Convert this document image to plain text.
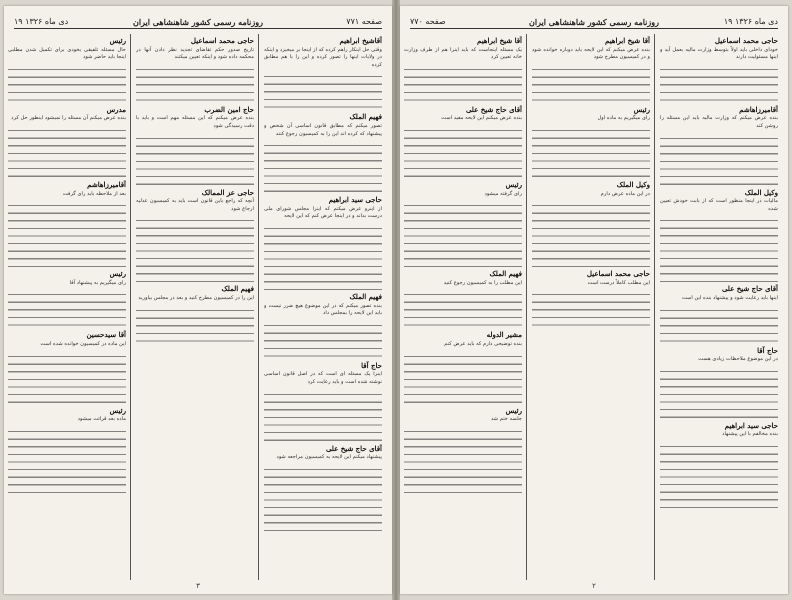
۱۹ دی ماه ۱۳۲۶	روزنامه رسمی کشور شاهنشاهی ایران	صفحه ۷۷۱
آقاشیخ ابراهیم

وقتی حل اینکار راهم کرده که از اینجا بر میخیزد و اینکه در ولایات اینها را تصور کرده و این را با هم مطابق کرده

فهیم الملک

تصور میکنم که مطابق قانون اساسی آن شخص و پیشنهاد که کرده اند این را به کمیسیون رجوع کنند

حاجی سید ابراهیم

از اینرو عرض میکنم که اینرا مجلس شورای ملی درست بداند و در اینجا عرض کنم که این لایحه

فهیم الملک

بنده تصور میکنم که در این موضوع هیچ ضرر نیست و باید این لایحه را بمجلس داد

حاج آقا

اینرا یک مسئله ای است که در اصل قانون اساسی نوشته شده است و باید رعایت کرد

آقای حاج شیخ علی

پیشنهاد میکنم این لایحه به کمیسیون مراجعه شود

حاجی محمد اسماعیل

تاریخ صدور حکم تقاضای تجدید نظر دادن آنها در محکمه داده شود و اینکه تعیین میکنند

حاج امین الضرب

بنده عرض میکنم که این مسئله مهم است و باید با دقت رسیدگی شود

حاجی عز الممالک

آنچه که راجع باین قانون است باید به کمیسیون عدلیه ارجاع شود

فهیم الملک

این را در کمیسیون مطرح کنید و بعد در مجلس بیاورید

رئیس

حال مسئله تلفیقی بخودی برای تکمیل شدن مطلبی اینجا باید حاضر شود

مدرس

بنده عرض میکنم آن مسئله را نمیشود اینطور حل کرد

آقامیرزاهاشم

بعد از ملاحظه باید رای گرفت

رئیس

رای میگیریم به پیشنهاد آقا

آقا سیدحسین

این ماده در کمیسیون خوانده شده است

رئیس

ماده بعد قرائت میشود

۳
صفحه ۷۷۰	روزنامه رسمی کشور شاهنشاهی ایران	۱۹ دی ماه ۱۳۲۶
حاجی محمد اسماعیل

خودای داخلی باید اولاً بتوسط وزارت مالیه بعمل آید و اینها مسئولیت دارند

آقامیرزاهاشم

بنده عرض میکنم که وزارت مالیه باید این مسئله را روشن کند

وکیل الملک

مالیات در اینجا منظور است که از بابت خودش تعیین شده

آقای حاج شیخ علی

اینها باید رعایت شود و پیشنهاد بنده این است

حاج آقا

در این موضوع ملاحظات زیادی هست

حاجی سید ابراهیم

بنده مخالفم با این پیشنهاد

آقا شیخ ابراهیم

بنده عرض میکنم که این لایحه باید دوباره خوانده شود و در کمیسیون مطرح شود

رئیس

رای میگیریم به ماده اول

وکیل الملک

در این ماده عرض دارم

حاجی محمد اسماعیل

این مطلب کاملاً درست است

آقا شیخ ابراهیم

یک مسئله اینجاست که باید اینرا هم از طرف وزارت خانه تعیین کرد

آقای حاج شیخ علی

بنده عرض میکنم این لایحه مفید است

رئیس

رای گرفته میشود

فهیم الملک

این مطلب را به کمیسیون رجوع کنید

مشیر الدوله

بنده توضیحی دارم که باید عرض کنم

رئیس

جلسه ختم شد

۲
